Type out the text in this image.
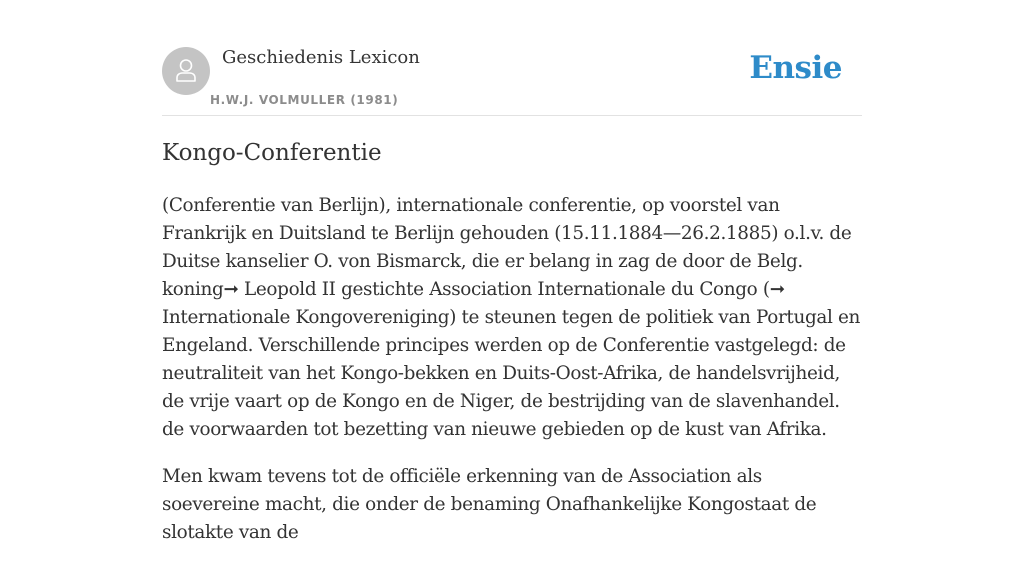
Geschiedenis Lexicon
H.W.J. VOLMULLER (1981)
Ensie
Kongo-Conferentie

(Conferentie van Berlijn), internationale conferentie, op voorstel van Frankrijk en Duitsland te Berlijn gehouden (15.11.1884—26.2.1885) o.l.v. de Duitse kanselier O. von Bismarck, die er belang in zag de door de Belg. koning➞ Leopold II gestichte Association Internationale du Congo (➞ Internationale Kongovereniging) te steunen tegen de politiek van Portugal en Engeland. Verschillende principes werden op de Conferentie vastgelegd: de neutraliteit van het Kongo-bekken en Duits-Oost-Afrika, de handelsvrijheid, de vrije vaart op de Kongo en de Niger, de bestrijding van de slavenhandel. de voorwaarden tot bezetting van nieuwe gebieden op de kust van Afrika.

Men kwam tevens tot de officiële erkenning van de Association als soevereine macht, die onder de benaming Onafhankelijke Kongostaat de slotakte van de
